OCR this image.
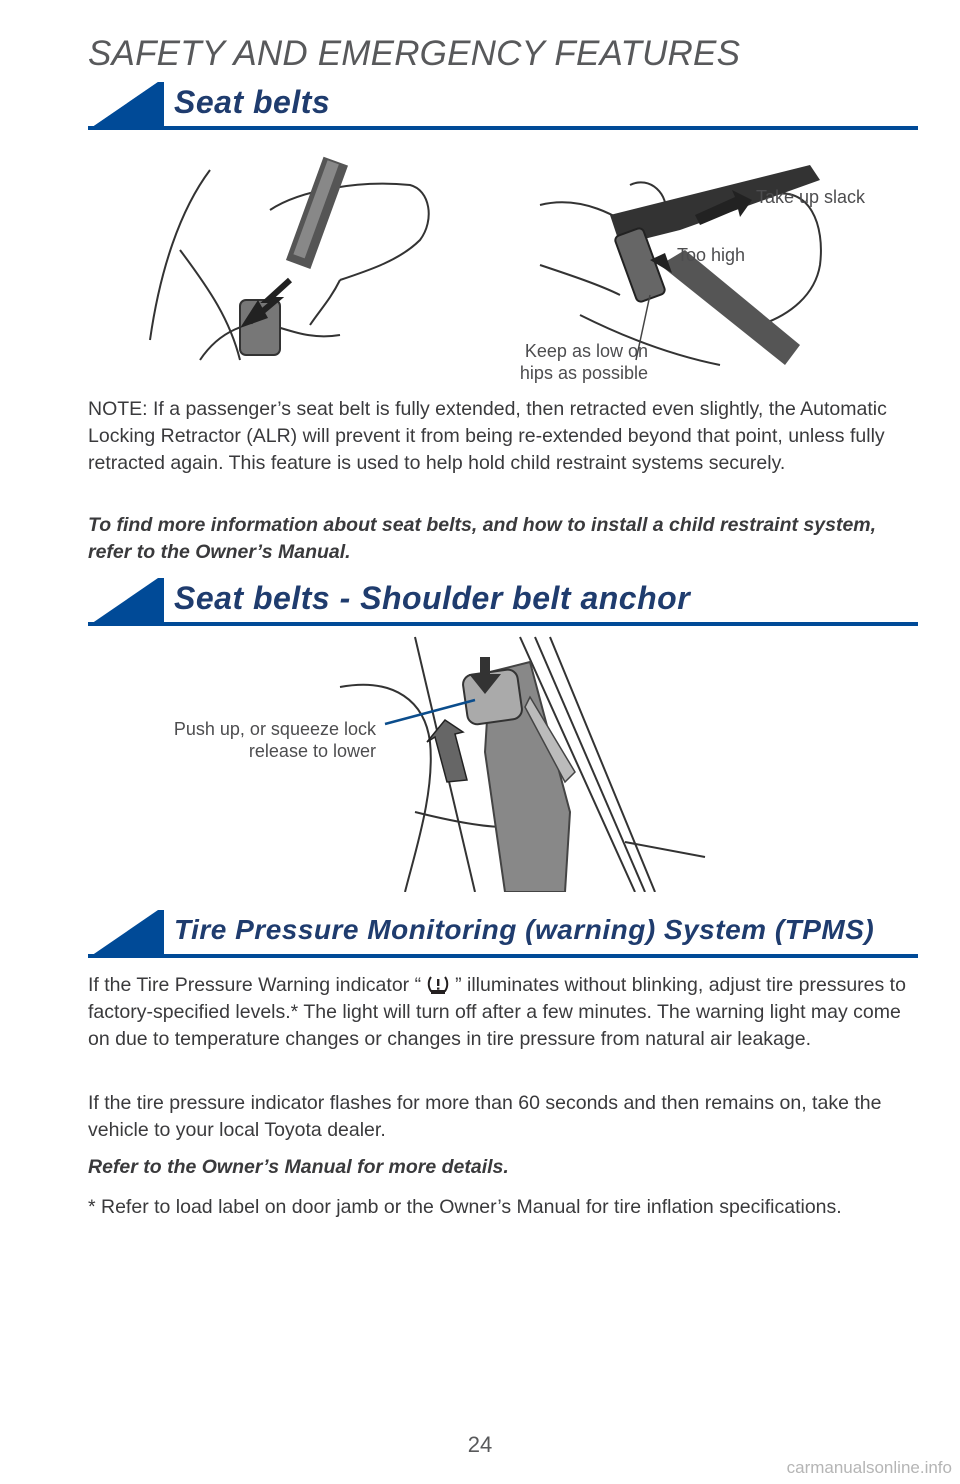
SAFETY AND EMERGENCY FEATURES
Seat belts
Take up slack
Too high
Keep as low on
hips as possible

NOTE: If a passenger’s seat belt is fully extended, then retracted even slightly, the Automatic Locking Retractor (ALR) will prevent it from being re-extended beyond that point, unless fully retracted again. This feature is used to help hold child restraint systems securely.

To find more information about seat belts, and how to install a child restraint system, refer to the Owner’s Manual.

Seat belts - Shoulder belt anchor
Push up, or squeeze lock
release to lower
Tire Pressure Monitoring (warning) System (TPMS)

If the Tire Pressure Warning indicator “ ” illuminates without blinking, adjust tire pressures to factory-specified levels.* The light will turn off after a few minutes. The warning light may come on due to temperature changes or changes in tire pressure from natural air leakage.

If the tire pressure indicator flashes for more than 60 seconds and then remains on, take the vehicle to your local Toyota dealer.

Refer to the Owner’s Manual for more details.

* Refer to load label on door jamb or the Owner’s Manual for tire inflation specifications.

24
carmanualsonline.info
